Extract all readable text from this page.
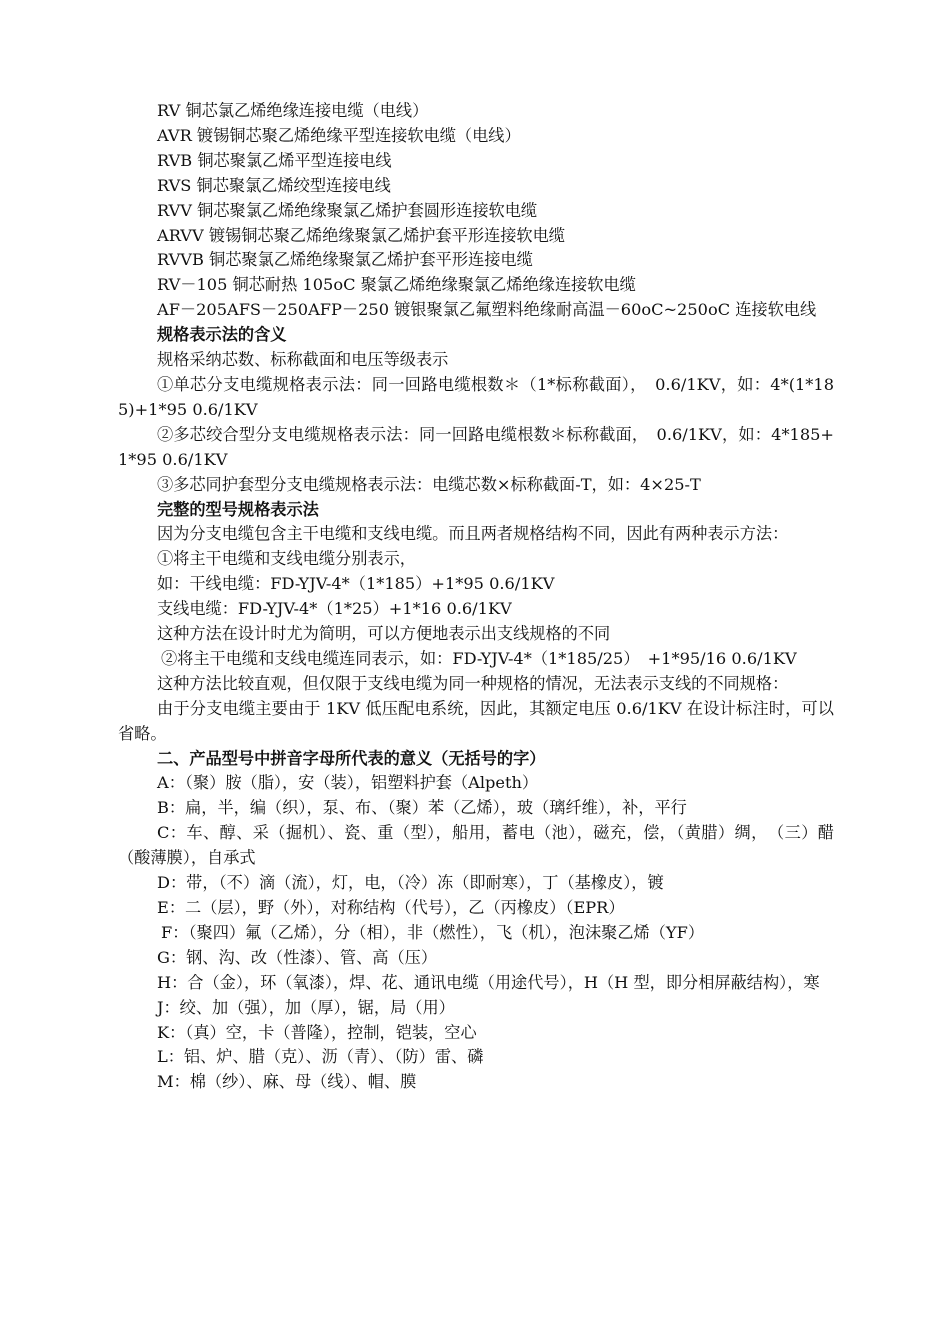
RV 铜芯氯乙烯绝缘连接电缆（电线）

AVR 镀锡铜芯聚乙烯绝缘平型连接软电缆（电线）

RVB 铜芯聚氯乙烯平型连接电线

RVS 铜芯聚氯乙烯绞型连接电线

RVV 铜芯聚氯乙烯绝缘聚氯乙烯护套圆形连接软电缆

ARVV 镀锡铜芯聚乙烯绝缘聚氯乙烯护套平形连接软电缆

RVVB 铜芯聚氯乙烯绝缘聚氯乙烯护套平形连接电缆

RV－105 铜芯耐热 105oC 聚氯乙烯绝缘聚氯乙烯绝缘连接软电缆

AF－205AFS－250AFP－250 镀银聚氯乙氟塑料绝缘耐高温－60oC~250oC 连接软电线

规格表示法的含义

规格采纳芯数、标称截面和电压等级表示

①单芯分支电缆规格表示法：同一回路电缆根数＊（1*标称截面），　0.6/1KV，如：4*(1*185)+1*95 0.6/1KV

②多芯绞合型分支电缆规格表示法：同一回路电缆根数＊标称截面，　0.6/1KV，如：4*185+1*95 0.6/1KV

③多芯同护套型分支电缆规格表示法：电缆芯数×标称截面-T，如：4×25-T

完整的型号规格表示法

因为分支电缆包含主干电缆和支线电缆。而且两者规格结构不同，因此有两种表示方法：

①将主干电缆和支线电缆分别表示，

如：干线电缆：FD-YJV-4*（1*185）+1*95 0.6/1KV

支线电缆：FD-YJV-4*（1*25）+1*16 0.6/1KV

这种方法在设计时尤为简明，可以方便地表示出支线规格的不同

②将主干电缆和支线电缆连同表示，如：FD-YJV-4*（1*185/25）　+1*95/16 0.6/1KV

这种方法比较直观，但仅限于支线电缆为同一种规格的情况，无法表示支线的不同规格：

由于分支电缆主要由于 1KV 低压配电系统，因此，其额定电压 0.6/1KV 在设计标注时，可以省略。

二、产品型号中拼音字母所代表的意义（无括号的字）

A：（聚）胺（脂），安（装），铝塑料护套（Alpeth）

B：扁，半，编（织），泵、布、（聚）苯（乙烯），玻（璃纤维），补，平行

C：车、醇、采（掘机）、瓷、重（型），船用，蓄电（池），磁充，偿，（黄腊）绸，　（三）醋（酸薄膜），自承式

D：带，（不）滴（流），灯，电，（冷）冻（即耐寒），丁（基橡皮），镀

E：二（层），野（外），对称结构（代号），乙（丙橡皮）（EPR）

F：（聚四）氟（乙烯），分（相），非（燃性），飞（机），泡沫聚乙烯（YF）

G：钢、沟、改（性漆）、管、高（压）

H：合（金），环（氧漆），焊、花、通讯电缆（用途代号），H（H 型，即分相屏蔽结构），寒

J：绞、加（强），加（厚），锯，局（用）

K：（真）空，卡（普隆），控制，铠装，空心

L：铝、炉、腊（克）、沥（青）、（防）雷、磷

M：棉（纱）、麻、母（线）、帽、膜
